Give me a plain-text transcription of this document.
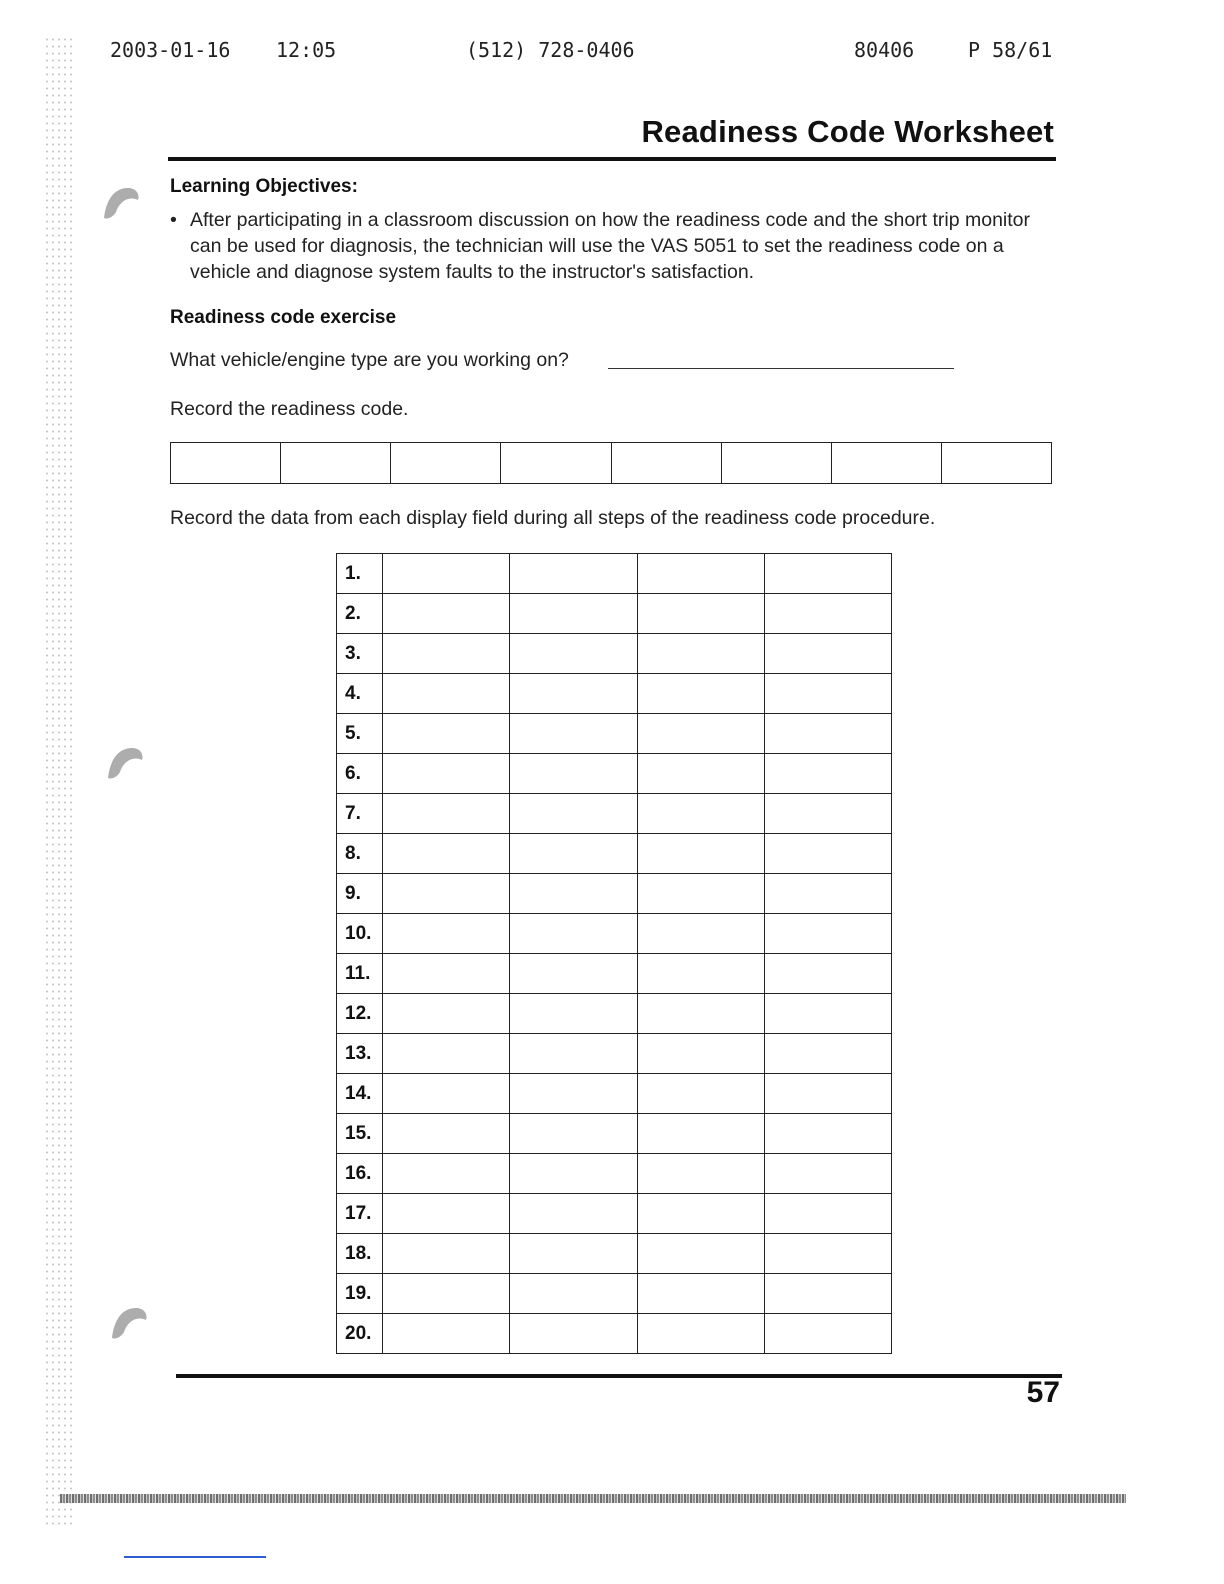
2003-01-16 12:05	(512) 728-0406	80406	P 58/61
Readiness Code Worksheet
Learning Objectives:
• After participating in a classroom discussion on how the readiness code and the short trip monitor can be used for diagnosis, the technician will use the VAS 5051 to set the readiness code on a vehicle and diagnose system faults to the instructor's satisfaction.
Readiness code exercise
What vehicle/engine type are you working on?
Record the readiness code.
Record the data from each display field during all steps of the readiness code procedure.
1.				
2.				
3.				
4.				
5.				
6.				
7.				
8.				
9.				
10.				
11.				
12.				
13.				
14.				
15.				
16.				
17.				
18.				
19.				
20.				
57
